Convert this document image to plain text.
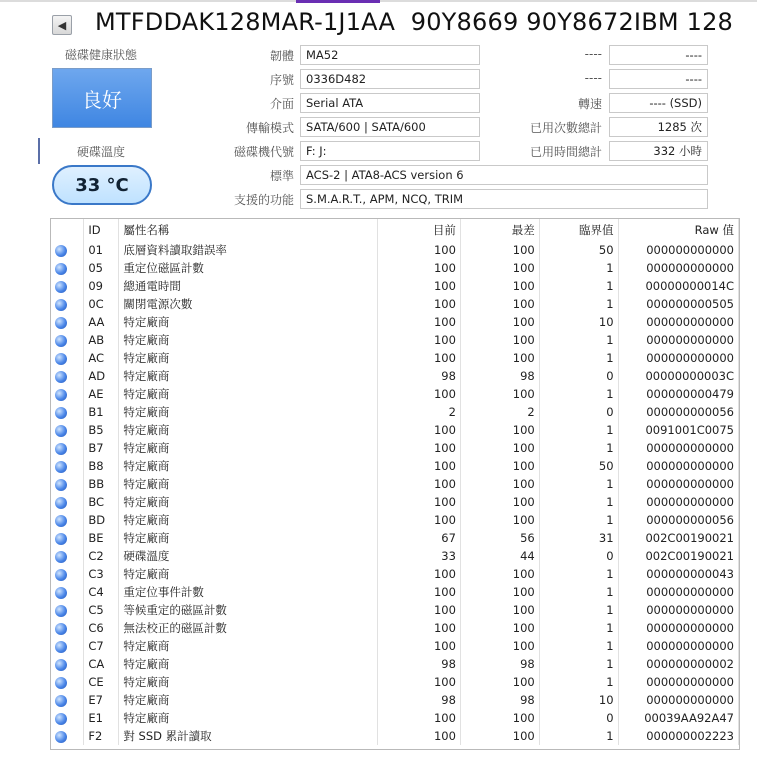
◀ MTFDDAK128MAR-1J1AA  90Y8669 90Y8672IBM 128
磁碟健康狀態
良好
硬碟溫度
33 °C
韌體	MA52
序號	0336D482
介面	Serial ATA
傳輸模式	SATA/600 | SATA/600
磁碟機代號	F: J:
標準	ACS-2 | ATA8-ACS version 6
支援的功能	S.M.A.R.T., APM, NCQ, TRIM
----	----
----	----
轉速	---- (SSD)
已用次數總計	1285 次
已用時間總計	332 小時
	ID	屬性名稱	目前	最差	臨界值	Raw 值
	01	底層資料讀取錯誤率	100	100	50	000000000000
	05	重定位磁區計數	100	100	1	000000000000
	09	總通電時間	100	100	1	00000000014C
	0C	關閉電源次數	100	100	1	000000000505
	AA	特定廠商	100	100	10	000000000000
	AB	特定廠商	100	100	1	000000000000
	AC	特定廠商	100	100	1	000000000000
	AD	特定廠商	98	98	0	00000000003C
	AE	特定廠商	100	100	1	000000000479
	B1	特定廠商	2	2	0	000000000056
	B5	特定廠商	100	100	1	0091001C0075
	B7	特定廠商	100	100	1	000000000000
	B8	特定廠商	100	100	50	000000000000
	BB	特定廠商	100	100	1	000000000000
	BC	特定廠商	100	100	1	000000000000
	BD	特定廠商	100	100	1	000000000056
	BE	特定廠商	67	56	31	002C00190021
	C2	硬碟溫度	33	44	0	002C00190021
	C3	特定廠商	100	100	1	000000000043
	C4	重定位事件計數	100	100	1	000000000000
	C5	等候重定的磁區計數	100	100	1	000000000000
	C6	無法校正的磁區計數	100	100	1	000000000000
	C7	特定廠商	100	100	1	000000000000
	CA	特定廠商	98	98	1	000000000002
	CE	特定廠商	100	100	1	000000000000
	E7	特定廠商	98	98	10	000000000000
	E1	特定廠商	100	100	0	00039AA92A47
	F2	對 SSD 累計讀取	100	100	1	000000002223
